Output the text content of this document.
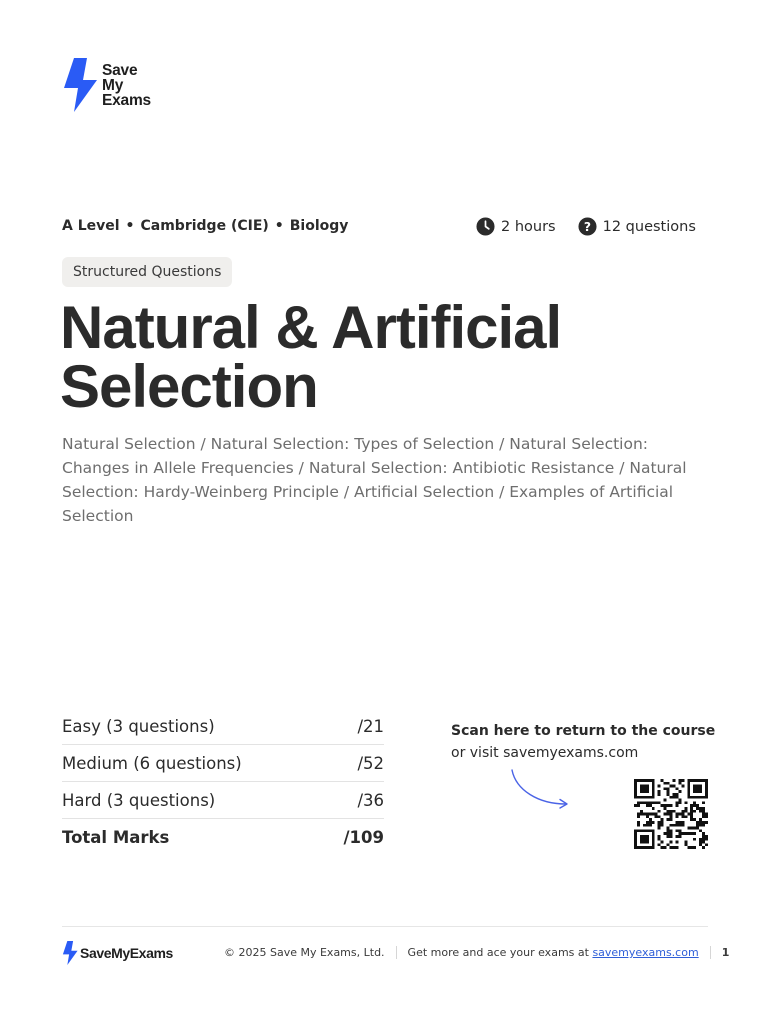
Save
My
Exams
A Level • Cambridge (CIE) • Biology	2 hours ? 12 questions
Structured Questions
Natural & Artificial
Selection

Natural Selection / Natural Selection: Types of Selection / Natural Selection: Changes in Allele Frequencies / Natural Selection: Antibiotic Resistance / Natural Selection: Hardy-Weinberg Principle / Artificial Selection / Examples of Artificial Selection

Easy (3 questions)	/21
Medium (6 questions)	/52
Hard (3 questions)	/36
Total Marks	/109
Scan here to return to the course
or visit savemyexams.com
SaveMyExams	© 2025 Save My Exams, Ltd. Get more and ace your exams at
savemyexams.com 1
